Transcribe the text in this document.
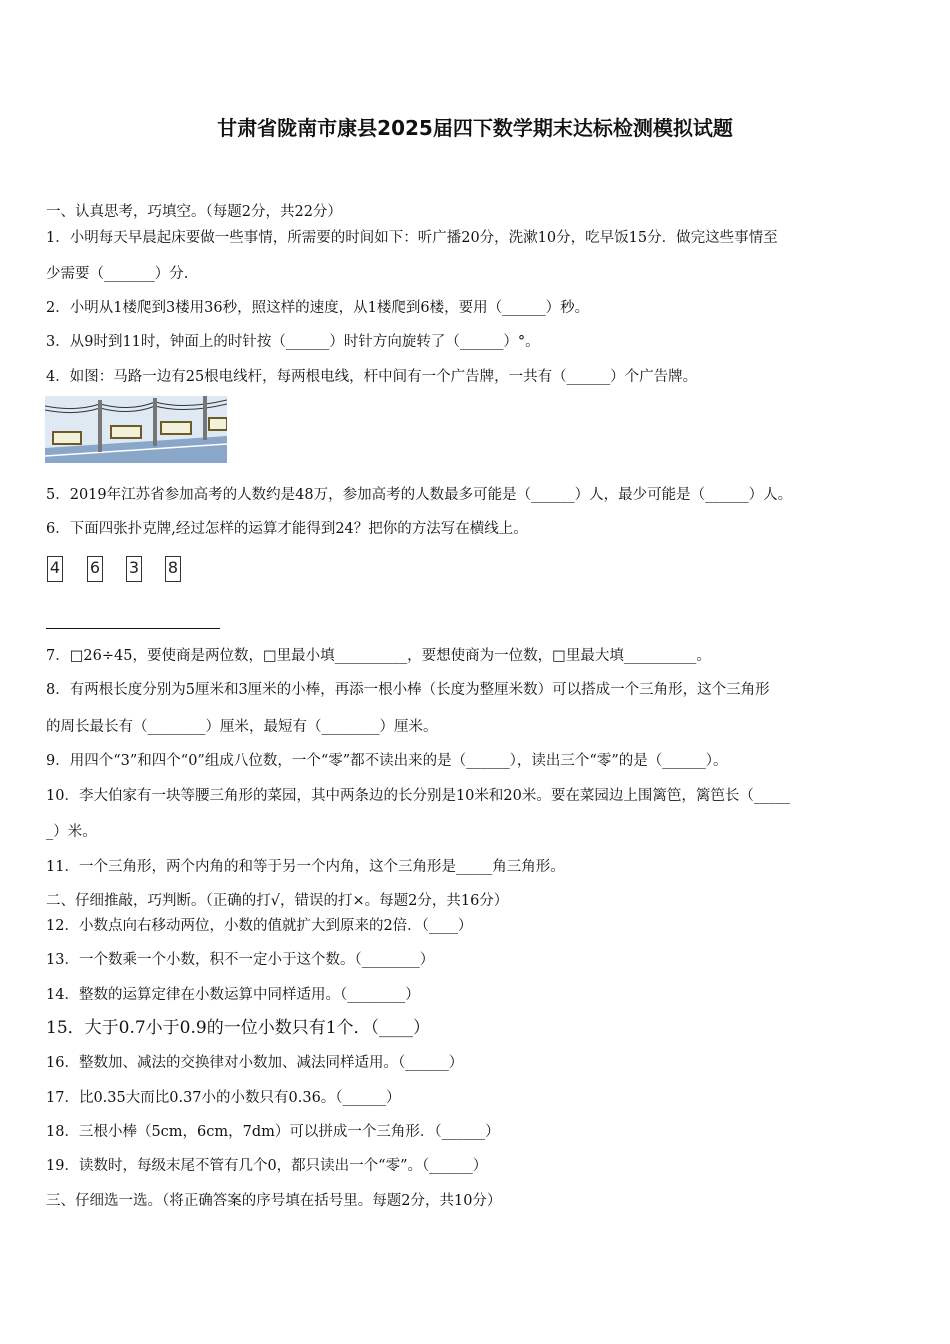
甘肃省陇南市康县2025届四下数学期末达标检测模拟试题
一、认真思考，巧填空。（每题2分，共22分）
1．小明每天早晨起床要做一些事情，所需要的时间如下：听广播20分，洗漱10分，吃早饭15分．做完这些事情至
少需要（_______）分.
2．小明从1楼爬到3楼用36秒，照这样的速度，从1楼爬到6楼，要用（______）秒。
3．从9时到11时，钟面上的时针按（______）时针方向旋转了（______）°。
4．如图：马路一边有25根电线杆，每两根电线，杆中间有一个广告牌，一共有（______）个广告牌。
5．2019年江苏省参加高考的人数约是48万，参加高考的人数最多可能是（______）人，最少可能是（______）人。
6．下面四张扑克牌,经过怎样的运算才能得到24？把你的方法写在横线上。
4 6 3 8
7．□26÷45，要使商是两位数，□里最小填__________，要想使商为一位数，□里最大填__________。
8．有两根长度分别为5厘米和3厘米的小棒，再添一根小棒（长度为整厘米数）可以搭成一个三角形，这个三角形
的周长最长有（________）厘米，最短有（________）厘米。
9．用四个“3”和四个“0”组成八位数，一个“零”都不读出来的是（______），读出三个“零”的是（______）。
10．李大伯家有一块等腰三角形的菜园，其中两条边的长分别是10米和20米。要在菜园边上围篱笆，篱笆长（_____
_）米。
11．一个三角形，两个内角的和等于另一个内角，这个三角形是_____角三角形。
二、仔细推敲，巧判断。（正确的打√，错误的打×。每题2分，共16分）
12．小数点向右移动两位，小数的值就扩大到原来的2倍．（____）
13．一个数乘一个小数，积不一定小于这个数。（________）
14．整数的运算定律在小数运算中同样适用。（________）
15．大于0.7小于0.9的一位小数只有1个．（____）
16．整数加、减法的交换律对小数加、减法同样适用。（______）
17．比0.35大而比0.37小的小数只有0.36。（______）
18．三根小棒（5cm，6cm，7dm）可以拼成一个三角形．（______）
19．读数时，每级末尾不管有几个0，都只读出一个“零”。（______）
三、仔细选一选。（将正确答案的序号填在括号里。每题2分，共10分）
